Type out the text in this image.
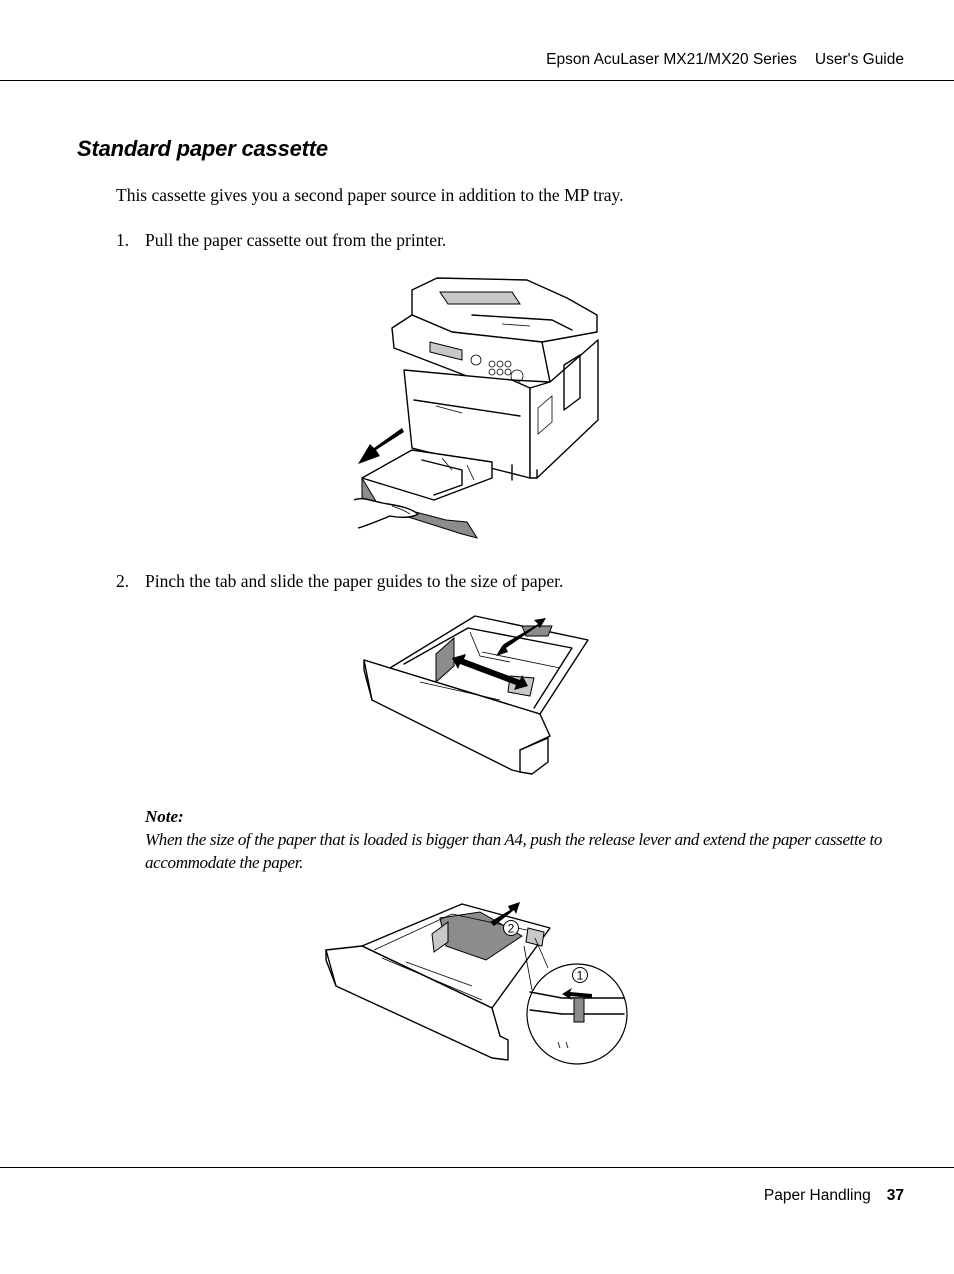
Epson AcuLaser MX21/MX20 Series User's Guide
Standard paper cassette

This cassette gives you a second paper source in addition to the MP tray.

1. Pull the paper cassette out from the printer.

2. Pinch the tab and slide the paper guides to the size of paper.

Note:
When the size of the paper that is loaded is bigger than A4, push the release lever and extend the paper cassette to accommodate the paper.
2
1
Paper Handling 37
